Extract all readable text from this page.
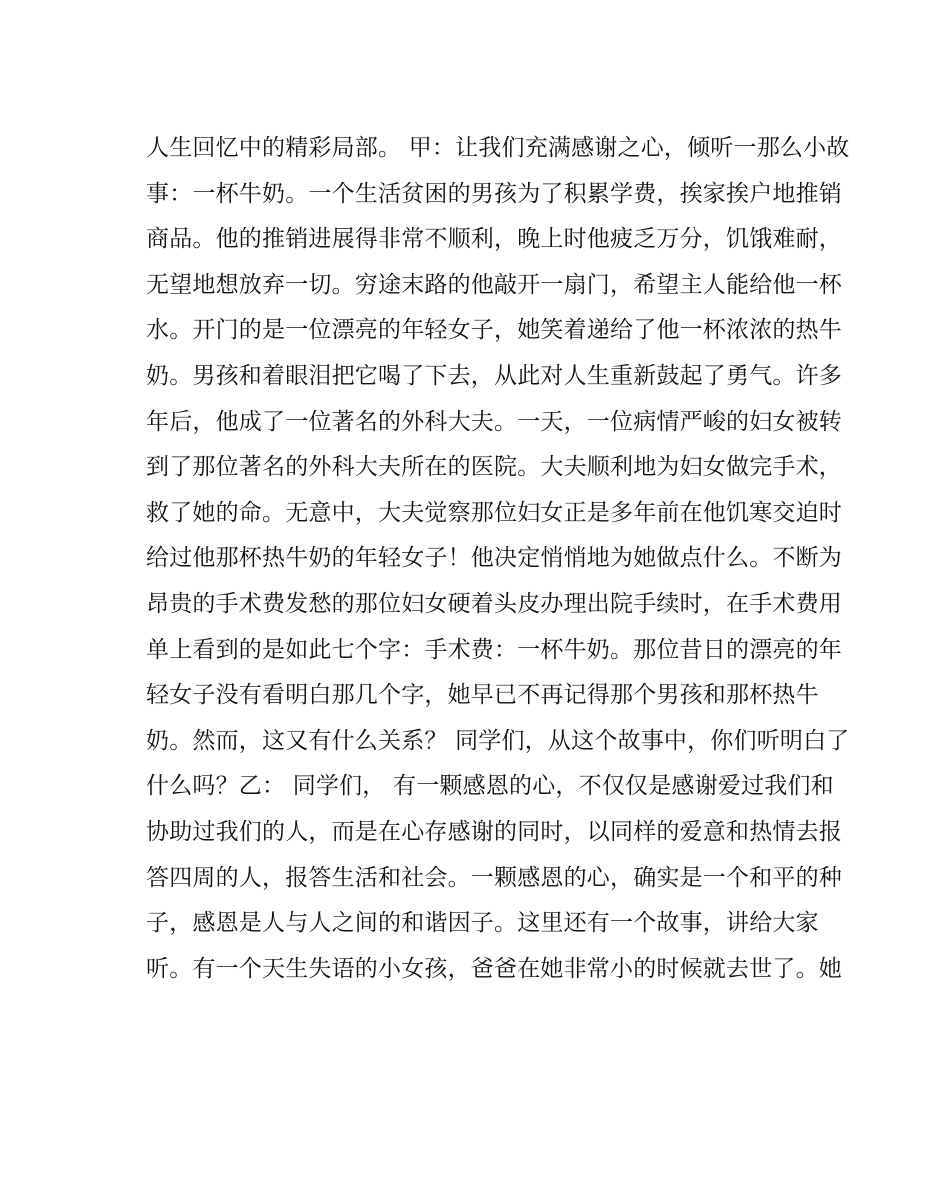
人生回忆中的精彩局部。 甲：让我们充满感谢之心，倾听一那么小故
事：一杯牛奶。一个生活贫困的男孩为了积累学费，挨家挨户地推销
商品。他的推销进展得非常不顺利，晚上时他疲乏万分，饥饿难耐，
无望地想放弃一切。穷途末路的他敲开一扇门，希望主人能给他一杯
水。开门的是一位漂亮的年轻女子，她笑着递给了他一杯浓浓的热牛
奶。男孩和着眼泪把它喝了下去，从此对人生重新鼓起了勇气。许多
年后，他成了一位著名的外科大夫。一天，一位病情严峻的妇女被转
到了那位著名的外科大夫所在的医院。大夫顺利地为妇女做完手术，
救了她的命。无意中，大夫觉察那位妇女正是多年前在他饥寒交迫时
给过他那杯热牛奶的年轻女子！他决定悄悄地为她做点什么。不断为
昂贵的手术费发愁的那位妇女硬着头皮办理出院手续时，在手术费用
单上看到的是如此七个字：手术费：一杯牛奶。那位昔日的漂亮的年
轻女子没有看明白那几个字，她早已不再记得那个男孩和那杯热牛
奶。然而，这又有什么关系？ 同学们，从这个故事中，你们听明白了
什么吗？乙： 同学们， 有一颗感恩的心，不仅仅是感谢爱过我们和
协助过我们的人，而是在心存感谢的同时，以同样的爱意和热情去报
答四周的人，报答生活和社会。一颗感恩的心，确实是一个和平的种
子，感恩是人与人之间的和谐因子。这里还有一个故事，讲给大家
听。有一个天生失语的小女孩，爸爸在她非常小的时候就去世了。她
